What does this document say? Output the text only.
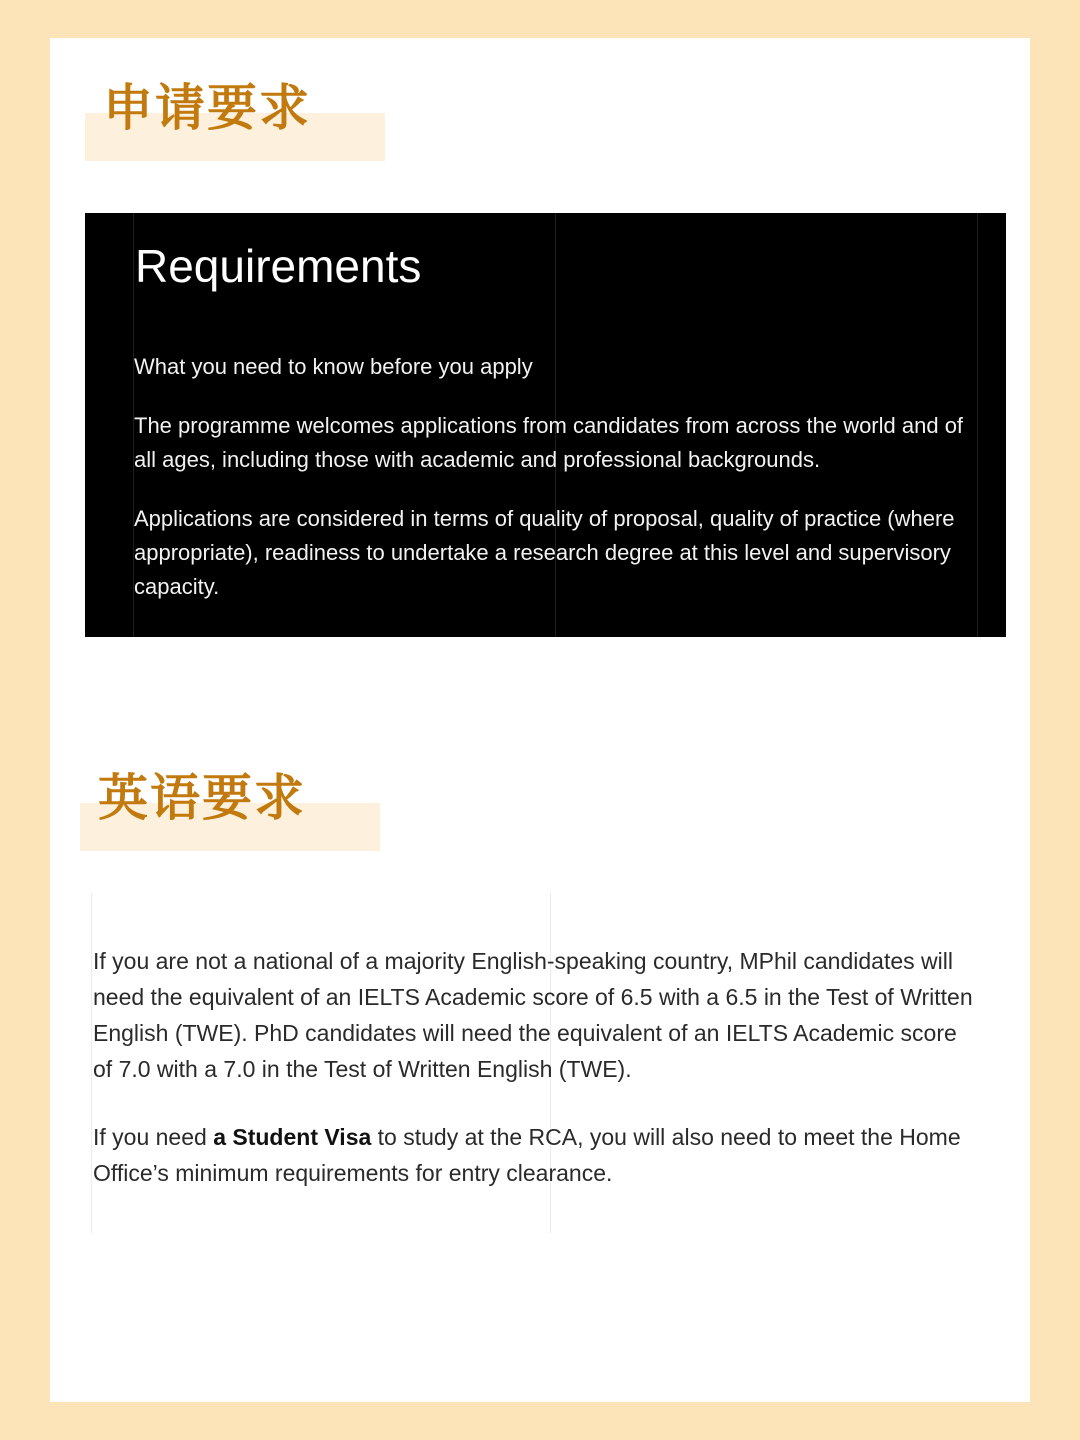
申请要求
Requirements

What you need to know before you apply

The programme welcomes applications from candidates from across the world and of all ages, including those with academic and professional backgrounds.

Applications are considered in terms of quality of proposal, quality of practice (where appropriate), readiness to undertake a research degree at this level and supervisory capacity.

英语要求

If you are not a national of a majority English-speaking country, MPhil candidates will need the equivalent of an IELTS Academic score of 6.5 with a 6.5 in the Test of Written English (TWE). PhD candidates will need the equivalent of an IELTS Academic score of 7.0 with a 7.0 in the Test of Written English (TWE).

If you need a Student Visa to study at the RCA, you will also need to meet the Home Office’s minimum requirements for entry clearance.
